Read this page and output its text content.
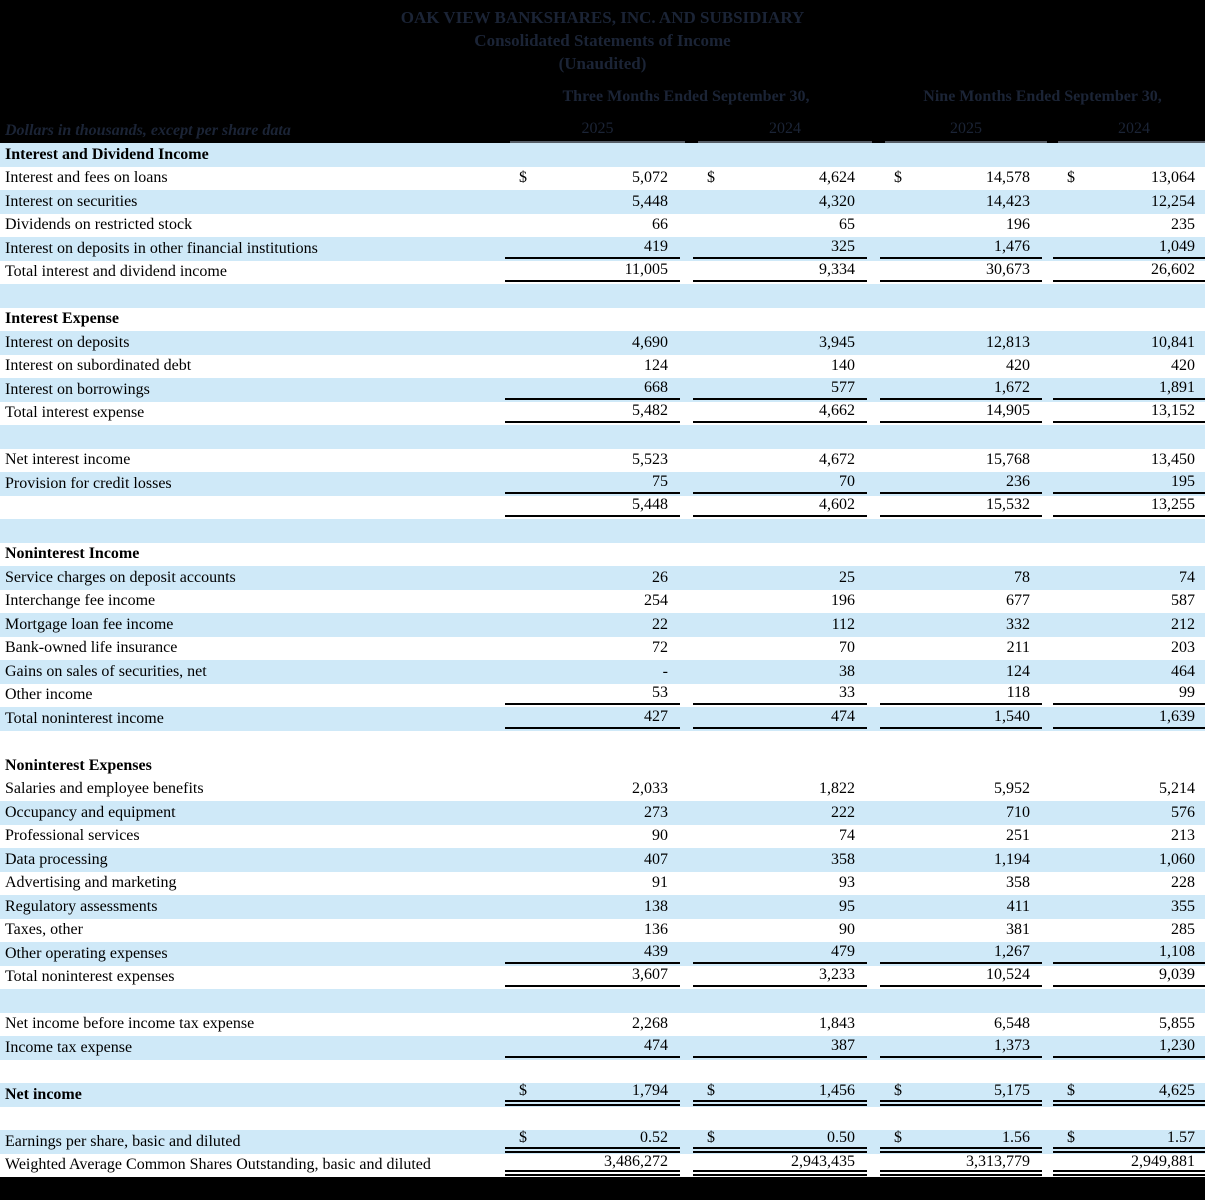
OAK VIEW BANKSHARES, INC. AND SUBSIDIARY
Consolidated Statements of Income
(Unaudited)
Three Months Ended September 30,	Nine Months Ended September 30,
Dollars in thousands, except per share data	2025	2024	2025	2024
Interest and Dividend Income
Interest and fees on loans	$	5,072 $	4,624 $	14,578 $	13,064
Interest on securities	5,448	4,320	14,423	12,254
Dividends on restricted stock	66	65	196	235
Interest on deposits in other financial institutions	419	325	1,476	1,049
Total interest and dividend income	11,005	9,334	30,673	26,602
Interest Expense
Interest on deposits	4,690	3,945	12,813	10,841
Interest on subordinated debt	124	140	420	420
Interest on borrowings	668	577	1,672	1,891
Total interest expense	5,482	4,662	14,905	13,152
Net interest income	5,523	4,672	15,768	13,450
Provision for credit losses	75	70	236	195
5,448	4,602	15,532	13,255
Noninterest Income
Service charges on deposit accounts	26	25	78	74
Interchange fee income	254	196	677	587
Mortgage loan fee income	22	112	332	212
Bank-owned life insurance	72	70	211	203
Gains on sales of securities, net	-	38	124	464
Other income	53	33	118	99
Total noninterest income	427	474	1,540	1,639
Noninterest Expenses
Salaries and employee benefits	2,033	1,822	5,952	5,214
Occupancy and equipment	273	222	710	576
Professional services	90	74	251	213
Data processing	407	358	1,194	1,060
Advertising and marketing	91	93	358	228
Regulatory assessments	138	95	411	355
Taxes, other	136	90	381	285
Other operating expenses	439	479	1,267	1,108
Total noninterest expenses	3,607	3,233	10,524	9,039
Net income before income tax expense	2,268	1,843	6,548	5,855
Income tax expense	474	387	1,373	1,230
Net income	$	1,794 $	1,456 $	5,175 $	4,625
Earnings per share, basic and diluted	$	0.52 $	0.50 $	1.56 $	1.57
Weighted Average Common Shares Outstanding, basic and diluted	3,486,272	2,943,435	3,313,779	2,949,881
